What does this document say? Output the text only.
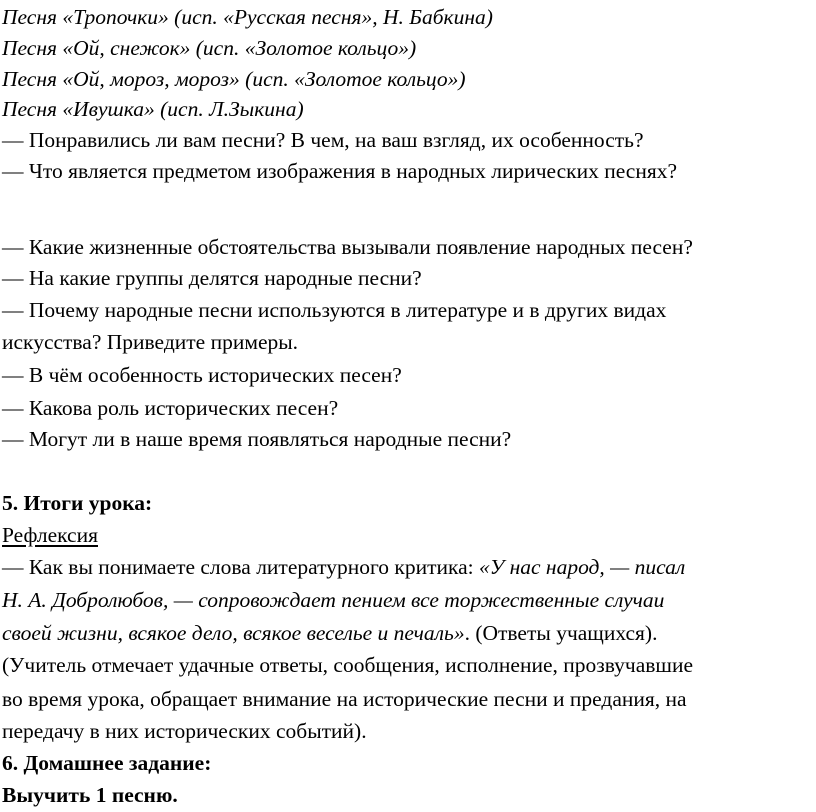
Песня «Тропочки» (исп. «Русская песня», Н. Бабкина)
Песня «Ой, снежок» (исп. «Золотое кольцо»)
Песня «Ой, мороз, мороз» (исп. «Золотое кольцо»)
Песня «Ивушка» (исп. Л.Зыкина)
— Понравились ли вам песни? В чем, на ваш взгляд, их особенность?
— Что является предметом изображения в народных лирических песнях?
— Какие жизненные обстоятельства вызывали появление народных песен?
— На какие группы делятся народные песни?
— Почему народные песни используются в литературе и в других видах
искусства? Приведите примеры.
— В чём особенность исторических песен?
— Какова роль исторических песен?
— Могут ли в наше время появляться народные песни?
5. Итоги урока:
Рефлексия
— Как вы понимаете слова литературного критика: «У нас народ, — писал
Н. А. Добролюбов, — сопровождает пением все торжественные случаи
своей жизни, всякое дело, всякое веселье и печаль». (Ответы учащихся).
(Учитель отмечает удачные ответы, сообщения, исполнение, прозвучавшие
во время урока, обращает внимание на исторические песни и предания, на
передачу в них исторических событий).
6. Домашнее задание:
Выучить 1 песню.
